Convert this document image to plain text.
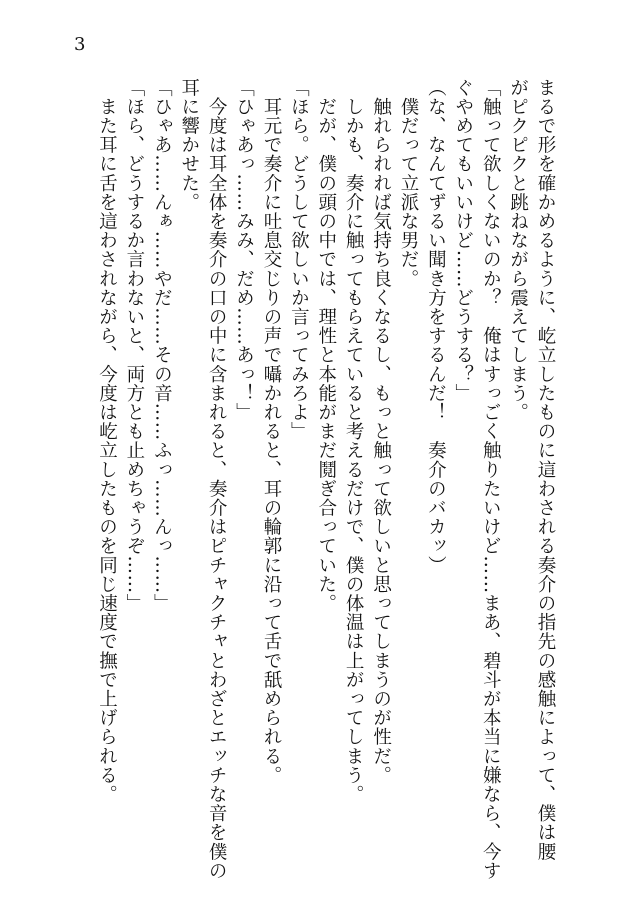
3
まるで形を確かめるように、屹立したものに這わされる奏介の指先の感触によって、僕は腰
がピクピクと跳ねながら震えてしまう。
「触って欲しくないのか？　俺はすっごく触りたいけど……まあ、碧斗が本当に嫌なら、今す
ぐやめてもいいけど……どうする？」
（な、なんてずるい聞き方をするんだ！　奏介のバカッ）
　僕だって立派な男だ。
　触れられれば気持ち良くなるし、もっと触って欲しいと思ってしまうのが性だ。
　しかも、奏介に触ってもらえていると考えるだけで、僕の体温は上がってしまう。
　だが、僕の頭の中では、理性と本能がまだ鬩ぎ合っていた。
「ほら。どうして欲しいか言ってみろよ」
　耳元で奏介に吐息交じりの声で囁かれると、耳の輪郭に沿って舌で舐められる。
「ひゃあっ……みみ、だめ……あっ！」
　今度は耳全体を奏介の口の中に含まれると、奏介はピチャクチャとわざとエッチな音を僕の
耳に響かせた。
「ひゃあ……んぁ……やだ……その音……ふっ……んっ……」
「ほら、どうするか言わないと、両方とも止めちゃうぞ……」
　また耳に舌を這わされながら、今度は屹立したものを同じ速度で撫で上げられる。
